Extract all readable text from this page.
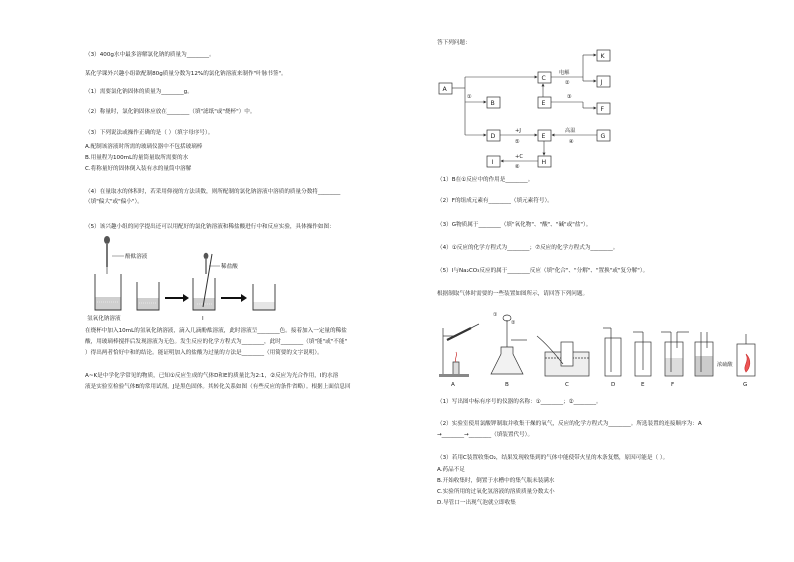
（3）400g水中最多溶解氯化钠的质量为________。
某化学课外兴趣小组欲配制80g质量分数为12%的氯化钠溶液来制作"叶脉书签"。
（1）需要氯化钠固体的质量为________g。
（2）称量时，氯化钠固体应放在________（填"滤纸"或"烧杯"）中。
（3）下列说法或操作正确的是（ ）（填字母序号）。
A.配制该溶液时所需的玻璃仪器中不包括玻璃棒
B.用量程为100mL的量筒量取所需要的水
C.将称量好的固体倒入装有水的量筒中溶解
（4）在量取水的体积时，若采用仰视的方法读数，则所配制的氯化钠溶液中溶质的质量分数将________
（填"偏大"或"偏小"）。
（5）该兴趣小组的同学提出还可以用配好的氯化钠溶液和稀盐酸进行中和反应实验，具体操作如图：
酚酞溶液
稀盐酸
氢氧化钠溶液	I
在烧杯中加入10mL的氢氧化钠溶液，滴入几滴酚酞溶液，此时溶液呈________色。接着加入一定量的稀盐
酸，用玻璃棒搅拌后发现溶液为无色。发生反应的化学方程式为________，此时________（填"能"或"不能"
）得出两者恰好中和的结论。能证明加入的盐酸为过量的方法是________（用简要的文字说明）。
A~K是中学化学常见的物质，已知①反应生成的气体D和E的质量比为2:1，②反应为光合作用，I的水溶
液是实验室检验气体B的常用试剂，J是黑色固体。其转化关系如图（有些反应的条件省略）。根据上面信息回
答下列问题：
A
B
C
D
E
E
F
G
H
I
J
K
①
电解
②
③
+J
⑤
高温
④
+C
⑥
（1）B在①反应中的作用是________。
（2）F的组成元素有________（填元素符号）。
（3）G物质属于________（填"氧化物"、"酸"、"碱"或"盐"）。
（4）①反应的化学方程式为________；⑦反应的化学方程式为________。
（5）I与Na₂CO₃反应的属于________反应（填"化合"、"分解"、"置换"或"复分解"）。
根据制取气体时需要的一些装置如图所示，请回答下列问题。
②
①
浓硫酸
A	B	C	D	E	F	G
（1）写出图中标有序号的仪器的名称：①________；②________。
（2）实验室使用氯酸钾制取并收集干燥的氧气，反应的化学方程式为________。所选装置的连接顺序为：A
→________→________（填装置代号）。
（3）若用C装置收集O₂，结果发现收集到的气体中能使带火星的木条复燃，原因可能是（ ）。
A.药品不足
B.开始收集时，倒置于水槽中的集气瓶未装满水
C.实验所用的过氧化氢溶液的溶质质量分数太小
D.导管口一出现气泡就立即收集
